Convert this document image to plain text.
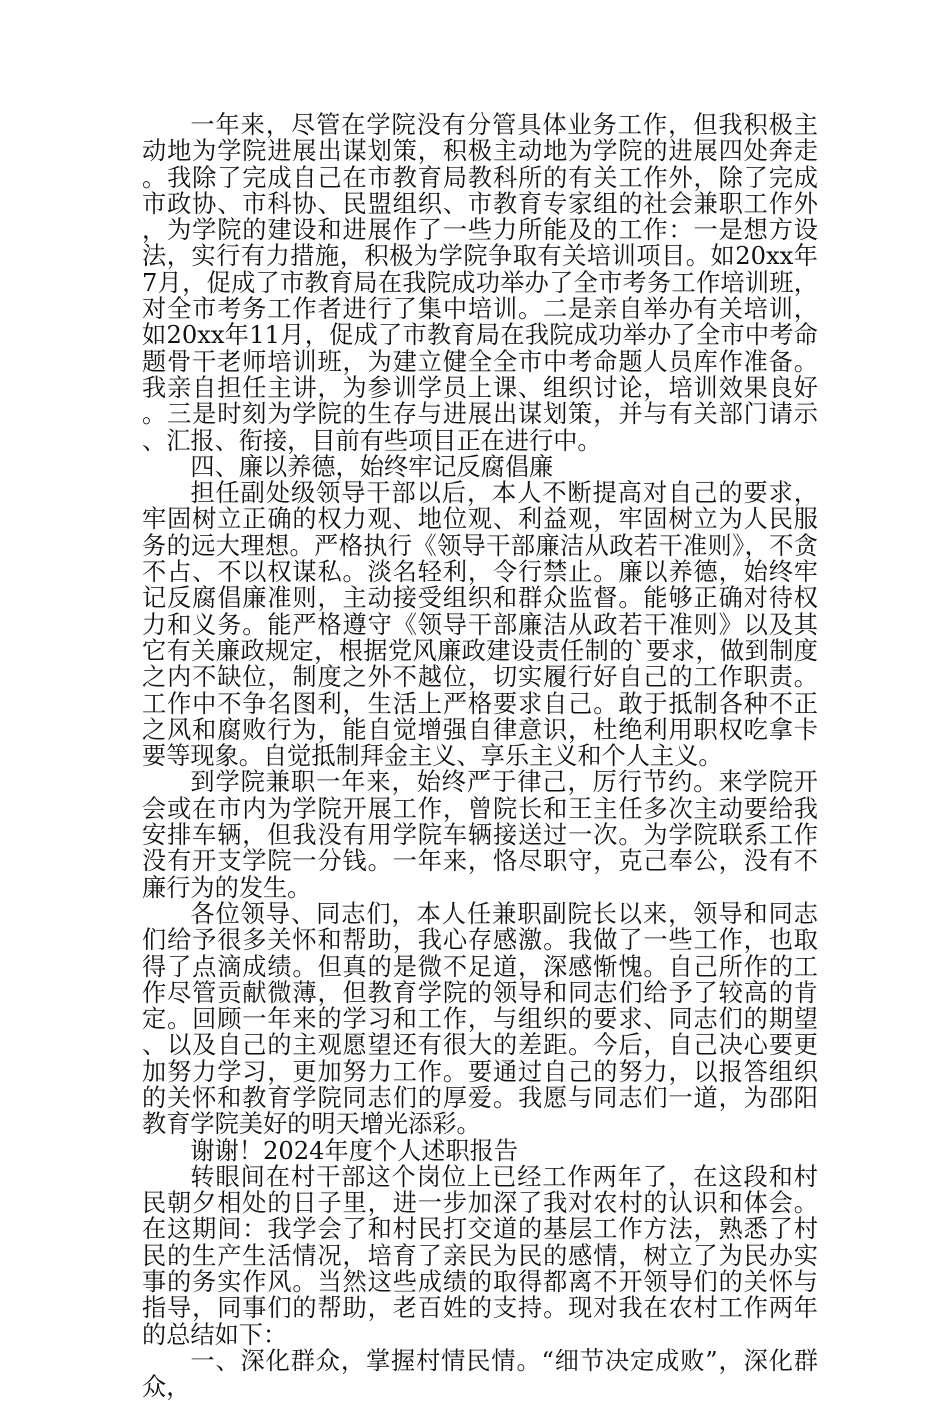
一年来，尽管在学院没有分管具体业务工作，但我积极主动地为学院进展出谋划策，积极主动地为学院的进展四处奔走。我除了完成自己在市教育局教科所的有关工作外，除了完成市政协、市科协、民盟组织、市教育专家组的社会兼职工作外，为学院的建设和进展作了一些力所能及的工作：一是想方设法，实行有力措施，积极为学院争取有关培训项目。如20xx年7月，促成了市教育局在我院成功举办了全市考务工作培训班，对全市考务工作者进行了集中培训。二是亲自举办有关培训，如20xx年11月，促成了市教育局在我院成功举办了全市中考命题骨干老师培训班，为建立健全全市中考命题人员库作准备。我亲自担任主讲，为参训学员上课、组织讨论，培训效果良好。三是时刻为学院的生存与进展出谋划策，并与有关部门请示、汇报、衔接，目前有些项目正在进行中。

四、廉以养德，始终牢记反腐倡廉

担任副处级领导干部以后，本人不断提高对自己的要求，牢固树立正确的权力观、地位观、利益观，牢固树立为人民服务的远大理想。严格执行《领导干部廉洁从政若干准则》，不贪不占、不以权谋私。淡名轻利，令行禁止。廉以养德，始终牢记反腐倡廉准则，主动接受组织和群众监督。能够正确对待权力和义务。能严格遵守《领导干部廉洁从政若干准则》以及其它有关廉政规定，根据党风廉政建设责任制的`要求，做到制度之内不缺位，制度之外不越位，切实履行好自己的工作职责。工作中不争名图利，生活上严格要求自己。敢于抵制各种不正之风和腐败行为，能自觉增强自律意识，杜绝利用职权吃拿卡要等现象。自觉抵制拜金主义、享乐主义和个人主义。

到学院兼职一年来，始终严于律己，厉行节约。来学院开会或在市内为学院开展工作，曾院长和王主任多次主动要给我安排车辆，但我没有用学院车辆接送过一次。为学院联系工作没有开支学院一分钱。一年来，恪尽职守，克己奉公，没有不廉行为的发生。

各位领导、同志们，本人任兼职副院长以来，领导和同志们给予很多关怀和帮助，我心存感激。我做了一些工作，也取得了点滴成绩。但真的是微不足道，深感惭愧。自己所作的工作尽管贡献微薄，但教育学院的领导和同志们给予了较高的肯定。回顾一年来的学习和工作，与组织的要求、同志们的期望、以及自己的主观愿望还有很大的差距。今后，自己决心要更加努力学习，更加努力工作。要通过自己的努力，以报答组织的关怀和教育学院同志们的厚爱。我愿与同志们一道，为邵阳教育学院美好的明天增光添彩。

谢谢！2024年度个人述职报告

转眼间在村干部这个岗位上已经工作两年了，在这段和村民朝夕相处的日子里，进一步加深了我对农村的认识和体会。在这期间：我学会了和村民打交道的基层工作方法，熟悉了村民的生产生活情况，培育了亲民为民的感情，树立了为民办实事的务实作风。当然这些成绩的取得都离不开领导们的关怀与指导，同事们的帮助，老百姓的支持。现对我在农村工作两年的总结如下：

一、深化群众，掌握村情民情。“细节决定成败”，深化群众，
